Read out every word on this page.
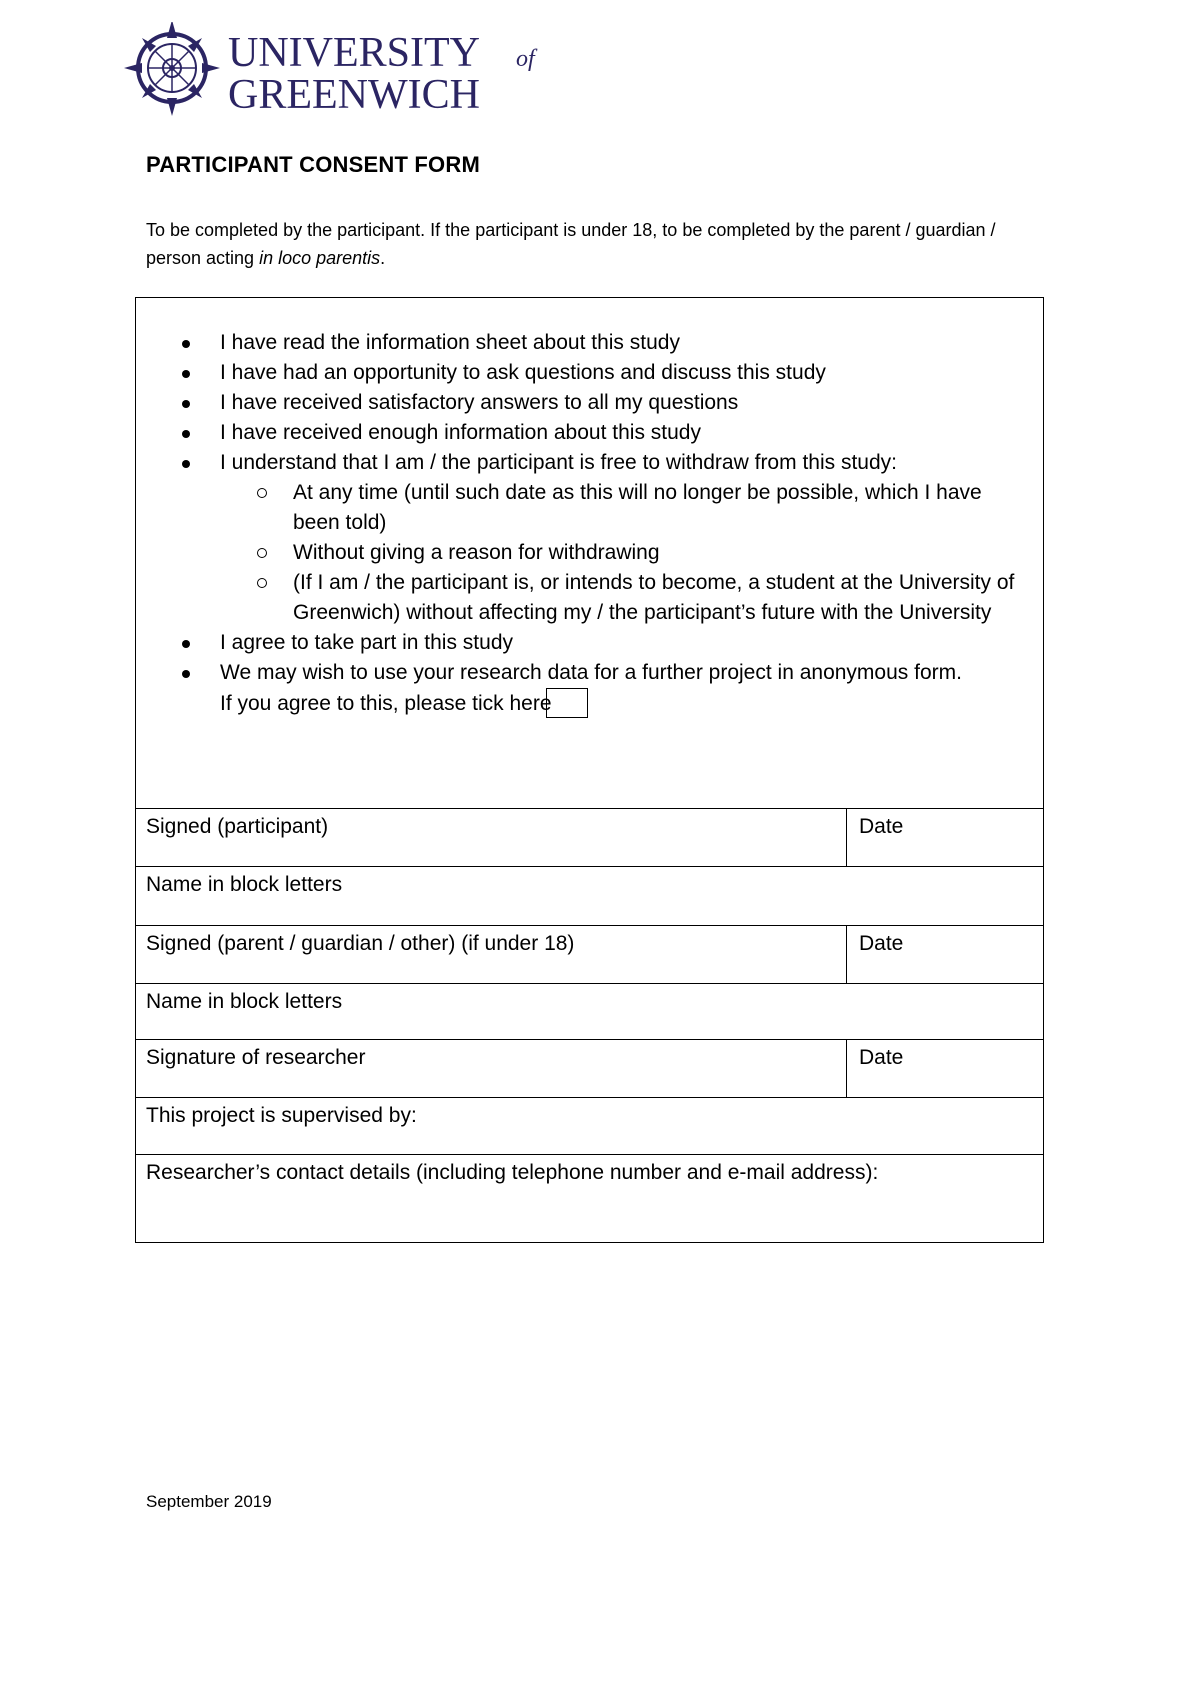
UNIVERSITY of
GREENWICH
PARTICIPANT CONSENT FORM
To be completed by the participant. If the participant is under 18, to be completed by the parent / guardian / person acting in loco parentis.
I have read the information sheet about this study
I have had an opportunity to ask questions and discuss this study
I have received satisfactory answers to all my questions
I have received enough information about this study
I understand that I am / the participant is free to withdraw from this study:
At any time (until such date as this will no longer be possible, which I have been told)
Without giving a reason for withdrawing
(If I am / the participant is, or intends to become, a student at the University of Greenwich) without affecting my / the participant’s future with the University
I agree to take part in this study
We may wish to use your research data for a further project in anonymous form.
If you agree to this, please tick here
Signed (participant)	Date
Name in block letters
Signed (parent / guardian / other) (if under 18)	Date
Name in block letters
Signature of researcher	Date
This project is supervised by:
Researcher’s contact details (including telephone number and e-mail address):
September 2019
